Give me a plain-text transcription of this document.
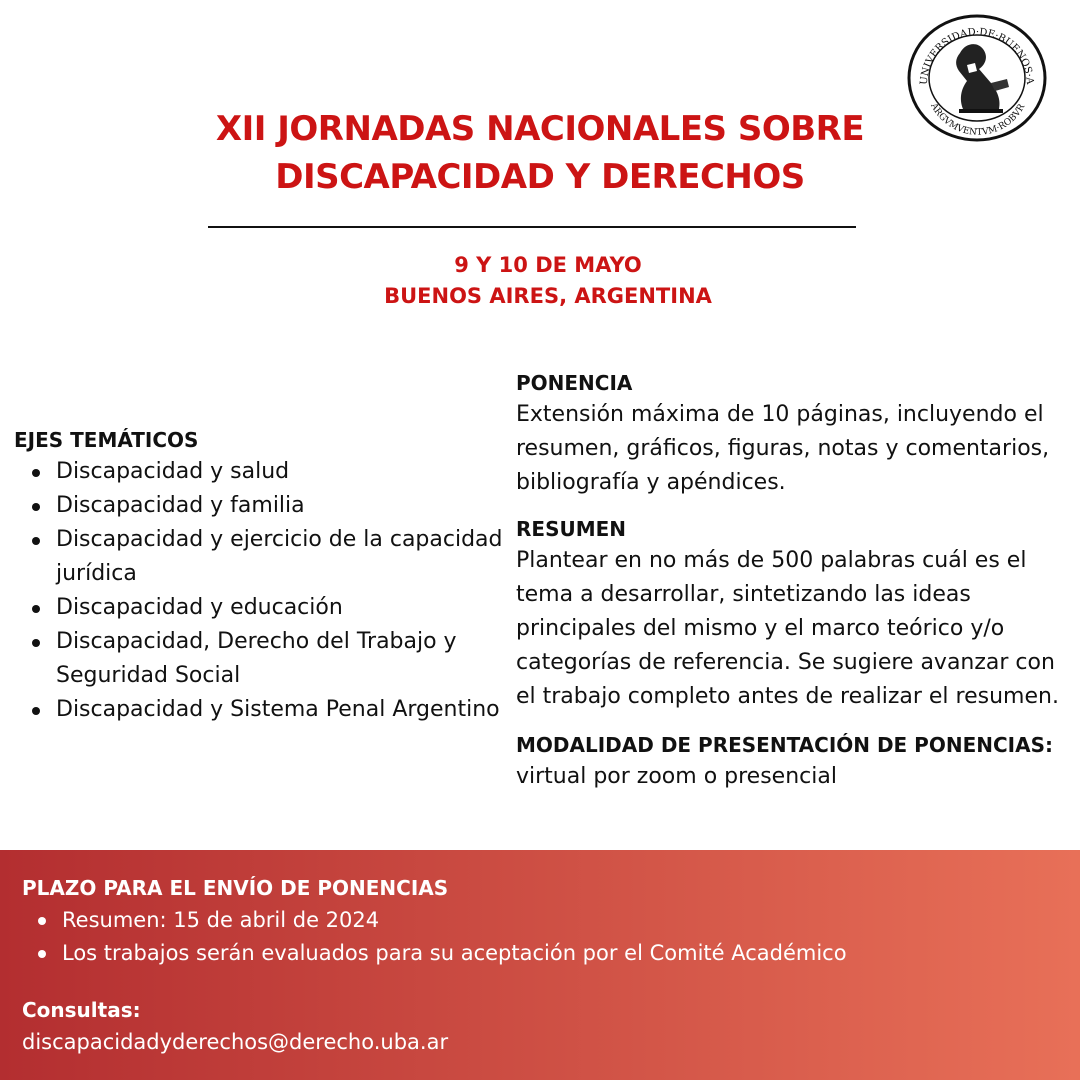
UNIVERSIDAD·DE·BUENOS·A
ARGVMVENTVM·ROBVR
XII JORNADAS NACIONALES SOBRE
DISCAPACIDAD Y DERECHOS
9 Y 10 DE MAYO
BUENOS AIRES, ARGENTINA
EJES TEMÁTICOS
Discapacidad y salud
Discapacidad y familia
Discapacidad y ejercicio de la capacidad jurídica
Discapacidad y educación
Discapacidad, Derecho del Trabajo y Seguridad Social
Discapacidad y Sistema Penal Argentino
PONENCIA
Extensión máxima de 10 páginas, incluyendo el resumen, gráficos, figuras, notas y comentarios, bibliografía y apéndices.
RESUMEN
Plantear en no más de 500 palabras cuál es el tema a desarrollar, sintetizando las ideas principales del mismo y el marco teórico y/o categorías de referencia. Se sugiere avanzar con el trabajo completo antes de realizar el resumen.
MODALIDAD DE PRESENTACIÓN DE PONENCIAS:
virtual por zoom o presencial
PLAZO PARA EL ENVÍO DE PONENCIAS
Resumen: 15 de abril de 2024
Los trabajos serán evaluados para su aceptación por el Comité Académico
Consultas:
discapacidadyderechos@derecho.uba.ar
